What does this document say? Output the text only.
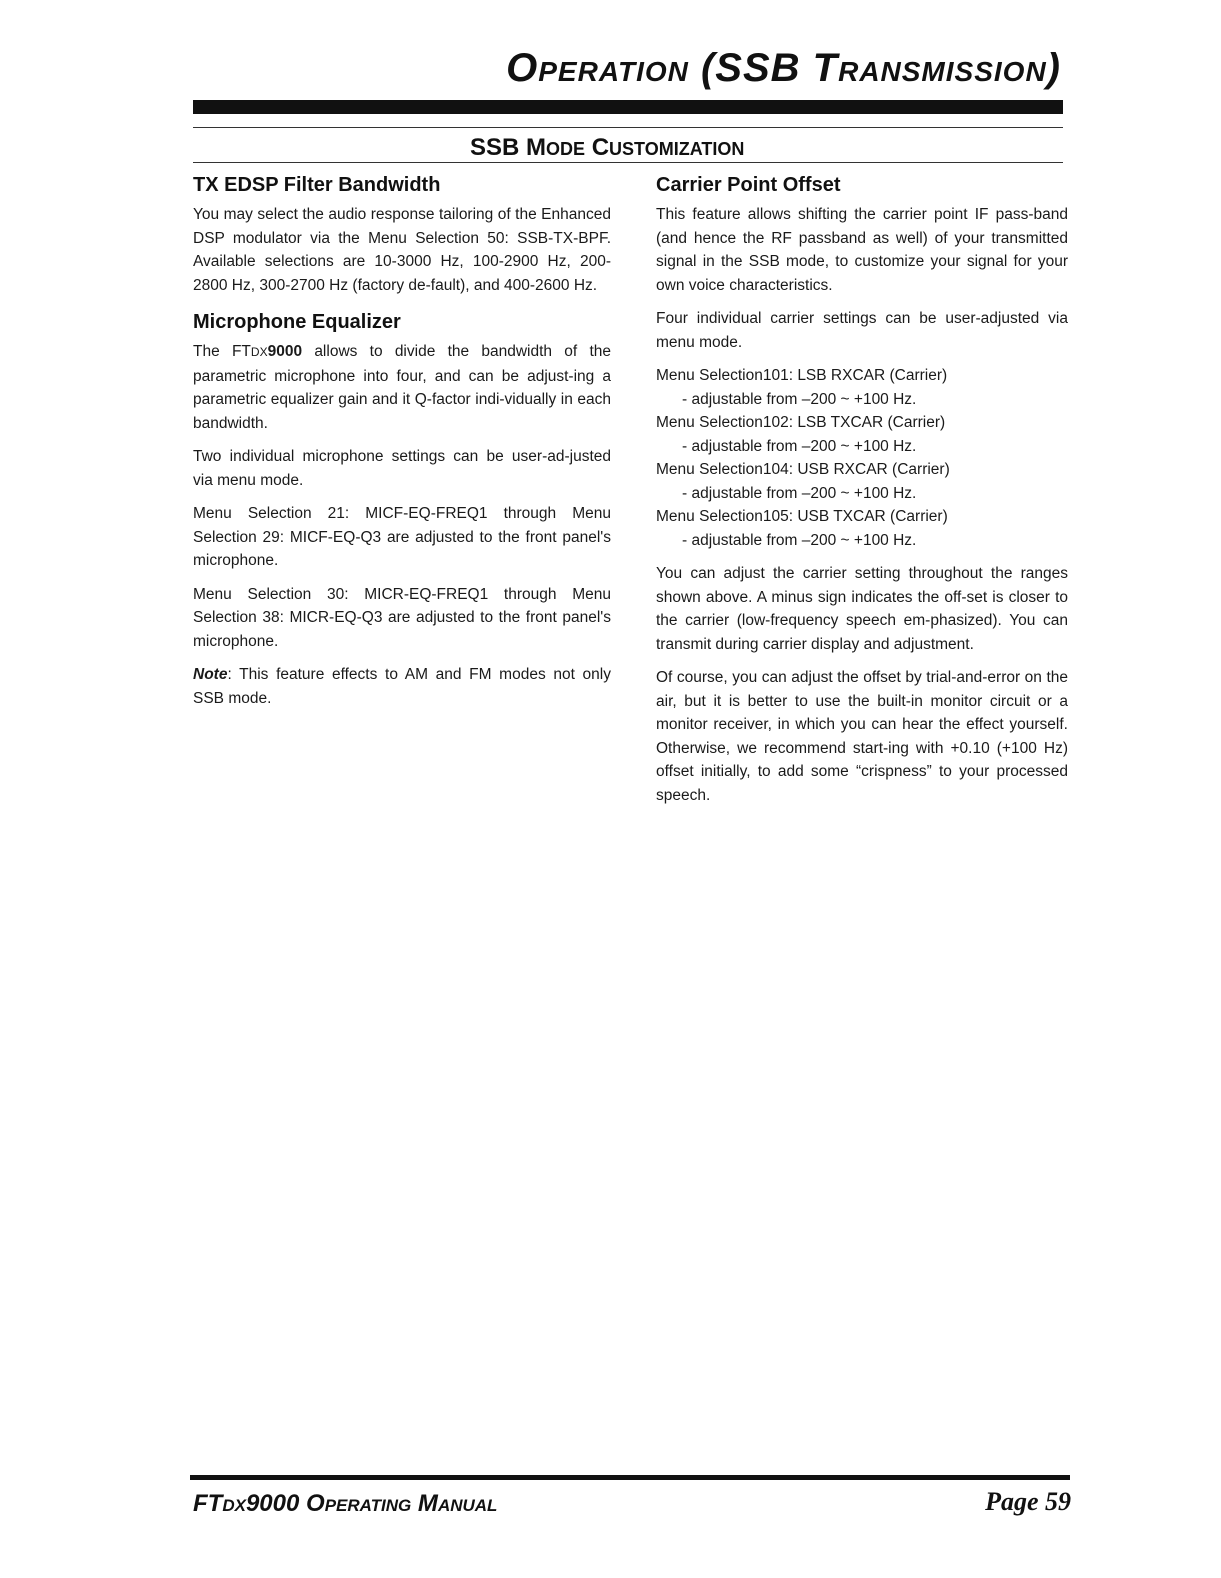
OPERATION (SSB TRANSMISSION)
SSB MODE CUSTOMIZATION
TX EDSP Filter Bandwidth

You may select the audio response tailoring of the Enhanced DSP modulator via the Menu Selection 50: SSB-TX-BPF. Available selections are 10-3000 Hz, 100-2900 Hz, 200-2800 Hz, 300-2700 Hz (factory de-fault), and 400-2600 Hz.

Microphone Equalizer

The FTDX9000 allows to divide the bandwidth of the parametric microphone into four, and can be adjust-ing a parametric equalizer gain and it Q-factor indi-vidually in each bandwidth.

Two individual microphone settings can be user-ad-justed via menu mode.

Menu Selection 21: MICF-EQ-FREQ1 through Menu Selection 29: MICF-EQ-Q3 are adjusted to the front panel's microphone.

Menu Selection 30: MICR-EQ-FREQ1 through Menu Selection 38: MICR-EQ-Q3 are adjusted to the front panel's microphone.

Note: This feature effects to AM and FM modes not only SSB mode.

Carrier Point Offset

This feature allows shifting the carrier point IF pass-band (and hence the RF passband as well) of your transmitted signal in the SSB mode, to customize your signal for your own voice characteristics.

Four individual carrier settings can be user-adjusted via menu mode.

Menu Selection101: LSB RXCAR (Carrier)
- adjustable from –200 ~ +100 Hz.
Menu Selection102: LSB TXCAR (Carrier)
- adjustable from –200 ~ +100 Hz.
Menu Selection104: USB RXCAR (Carrier)
- adjustable from –200 ~ +100 Hz.
Menu Selection105: USB TXCAR (Carrier)
- adjustable from –200 ~ +100 Hz.

You can adjust the carrier setting throughout the ranges shown above. A minus sign indicates the off-set is closer to the carrier (low-frequency speech em-phasized). You can transmit during carrier display and adjustment.

Of course, you can adjust the offset by trial-and-error on the air, but it is better to use the built-in monitor circuit or a monitor receiver, in which you can hear the effect yourself. Otherwise, we recommend start-ing with +0.10 (+100 Hz) offset initially, to add some “crispness” to your processed speech.

FTDX9000 OPERATING MANUAL	Page 59
